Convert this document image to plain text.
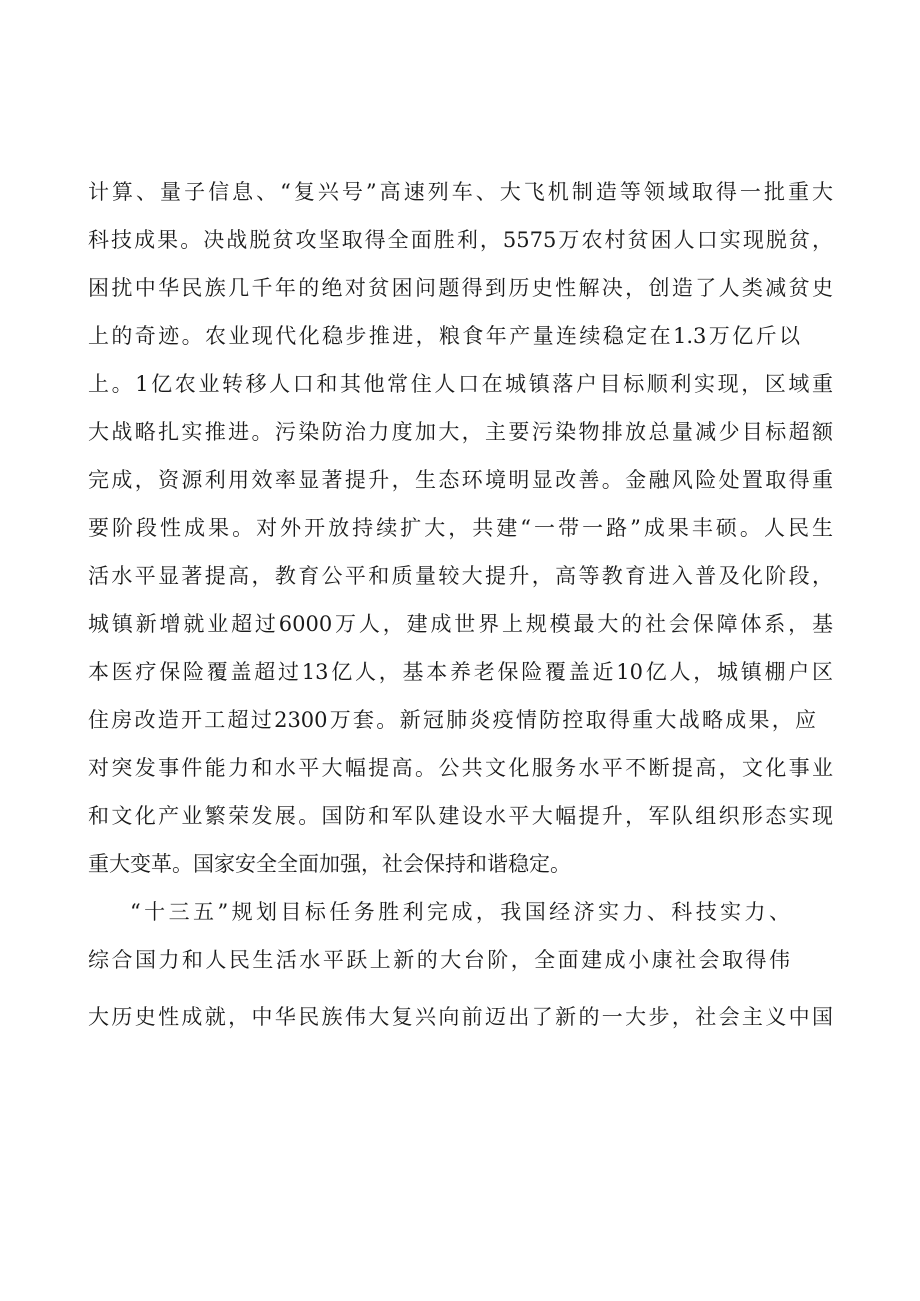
计算、量子信息、“复兴号”高速列车、大飞机制造等领域取得一批重大
科技成果。决战脱贫攻坚取得全面胜利，5575万农村贫困人口实现脱贫，
困扰中华民族几千年的绝对贫困问题得到历史性解决，创造了人类减贫史
上的奇迹。农业现代化稳步推进，粮食年产量连续稳定在1.3万亿斤以
上。1亿农业转移人口和其他常住人口在城镇落户目标顺利实现，区域重
大战略扎实推进。污染防治力度加大，主要污染物排放总量减少目标超额
完成，资源利用效率显著提升，生态环境明显改善。金融风险处置取得重
要阶段性成果。对外开放持续扩大，共建“一带一路”成果丰硕。人民生
活水平显著提高，教育公平和质量较大提升，高等教育进入普及化阶段，
城镇新增就业超过6000万人，建成世界上规模最大的社会保障体系，基
本医疗保险覆盖超过13亿人，基本养老保险覆盖近10亿人，城镇棚户区
住房改造开工超过2300万套。新冠肺炎疫情防控取得重大战略成果，应
对突发事件能力和水平大幅提高。公共文化服务水平不断提高，文化事业
和文化产业繁荣发展。国防和军队建设水平大幅提升，军队组织形态实现
重大变革。国家安全全面加强，社会保持和谐稳定。
“十三五”规划目标任务胜利完成，我国经济实力、科技实力、
综合国力和人民生活水平跃上新的大台阶，全面建成小康社会取得伟
大历史性成就，中华民族伟大复兴向前迈出了新的一大步，社会主义中国
